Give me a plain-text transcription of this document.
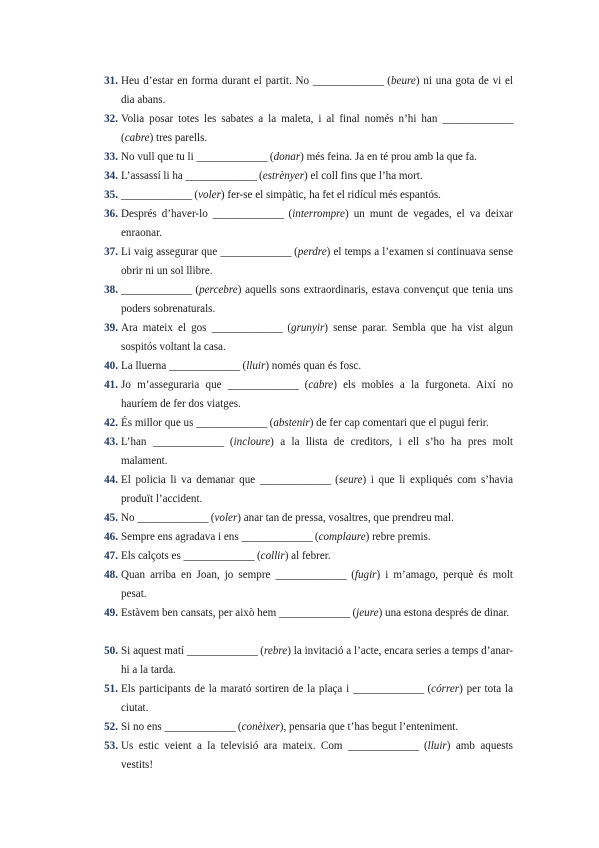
31. Heu d’estar en forma durant el partit. No ______________ (beure) ni una gota de vi el dia abans.
32. Volia posar totes les sabates a la maleta, i al final només n’hi han ______________ (cabre) tres parells.
33. No vull que tu li ______________ (donar) més feina. Ja en té prou amb la que fa.
34. L’assassí li ha ______________ (estrènyer) el coll fins que l’ha mort.
35. ______________ (voler) fer-se el simpàtic, ha fet el ridícul més espantós.
36. Després d’haver-lo ______________ (interrompre) un munt de vegades, el va deixar enraonar.
37. Li vaig assegurar que ______________ (perdre) el temps a l’examen si continuava sense obrir ni un sol llibre.
38. ______________ (percebre) aquells sons extraordinaris, estava convençut que tenia uns poders sobrenaturals.
39. Ara mateix el gos ______________ (grunyir) sense parar. Sembla que ha vist algun sospitós voltant la casa.
40. La lluerna ______________ (lluir) només quan és fosc.
41. Jo m’asseguraria que ______________ (cabre) els mobles a la furgoneta. Així no hauríem de fer dos viatges.
42. És millor que us ______________ (abstenir) de fer cap comentari que el pugui ferir.
43. L’han ______________ (incloure) a la llista de creditors, i ell s’ho ha pres molt malament.
44. El policia li va demanar que ______________ (seure) i que li expliqués com s’havia produït l’accident.
45. No ______________ (voler) anar tan de pressa, vosaltres, que prendreu mal.
46. Sempre ens agradava i ens ______________ (complaure) rebre premis.
47. Els calçots es ______________ (collir) al febrer.
48. Quan arriba en Joan, jo sempre ______________ (fugir) i m’amago, perquè és molt pesat.
49. Estàvem ben cansats, per això hem ______________ (jeure) una estona després de dinar.
50. Si aquest matí ______________ (rebre) la invitació a l’acte, encara series a temps d’anar-hi a la tarda.
51. Els participants de la marató sortiren de la plaça i ______________ (córrer) per tota la ciutat.
52. Si no ens ______________ (conèixer), pensaria que t’has begut l’enteniment.
53. Us estic veient a la televisió ara mateix. Com ______________ (lluir) amb aquests vestits!
